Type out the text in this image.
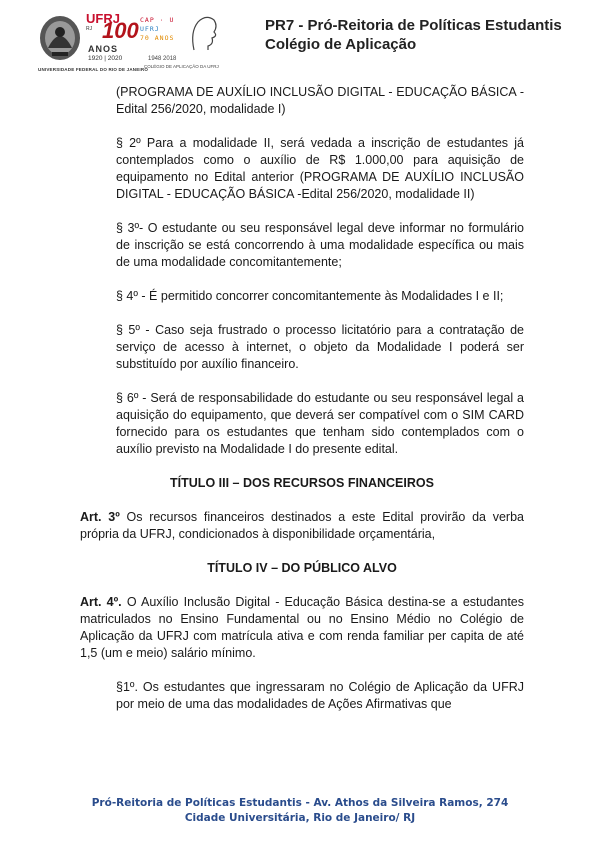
UNIVERSIDADE FEDERAL DO RIO DE JANEIRO
UFRJ
RJ 100
ANOS
1920 | 2020
CAP · U
UFRJ
70 ANOS
1948 2018
COLÉGIO DE APLICAÇÃO DA UFRJ
PR7 - Pró-Reitoria de Políticas Estudantis
Colégio de Aplicação

(PROGRAMA DE AUXÍLIO INCLUSÃO DIGITAL - EDUCAÇÃO BÁSICA -Edital 256/2020, modalidade I)

§ 2º Para a modalidade II, será vedada a inscrição de estudantes já contemplados como o auxílio de R$ 1.000,00 para aquisição de equipamento no Edital anterior (PROGRAMA DE AUXÍLIO INCLUSÃO DIGITAL - EDUCAÇÃO BÁSICA -Edital 256/2020, modalidade II)

§ 3º- O estudante ou seu responsável legal deve informar no formulário de inscrição se está concorrendo à uma modalidade específica ou mais de uma modalidade concomitantemente;

§ 4º - É permitido concorrer concomitantemente às Modalidades I e II;

§ 5º - Caso seja frustrado o processo licitatório para a contratação de serviço de acesso à internet, o objeto da Modalidade I poderá ser substituído por auxílio financeiro.

§ 6º - Será de responsabilidade do estudante ou seu responsável legal a aquisição do equipamento, que deverá ser compatível com o SIM CARD fornecido para os estudantes que tenham sido contemplados com o auxílio previsto na Modalidade I do presente edital.

TÍTULO III – DOS RECURSOS FINANCEIROS

Art. 3º Os recursos financeiros destinados a este Edital provirão da verba própria da UFRJ, condicionados à disponibilidade orçamentária,

TÍTULO IV – DO PÚBLICO ALVO

Art. 4º. O Auxílio Inclusão Digital - Educação Básica destina-se a estudantes matriculados no Ensino Fundamental ou no Ensino Médio no Colégio de Aplicação da UFRJ com matrícula ativa e com renda familiar per capita de até 1,5 (um e meio) salário mínimo.

§1º. Os estudantes que ingressaram no Colégio de Aplicação da UFRJ por meio de uma das modalidades de Ações Afirmativas que

Pró-Reitoria de Políticas Estudantis - Av. Athos da Silveira Ramos, 274
Cidade Universitária, Rio de Janeiro/ RJ
